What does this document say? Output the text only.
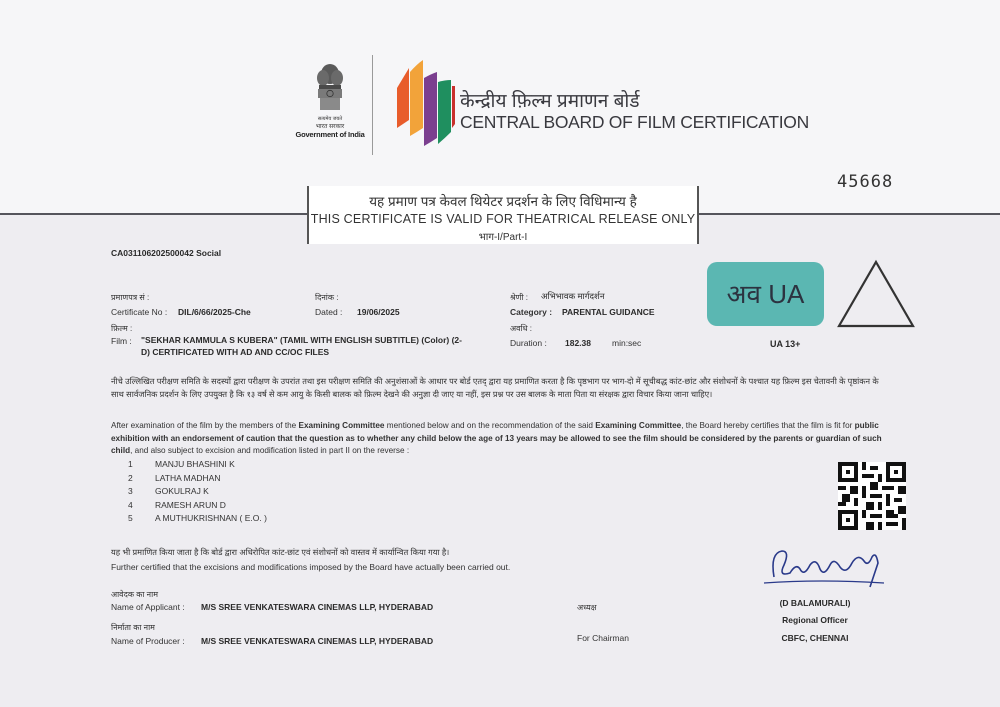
सत्यमेव जयते
भारत सरकार
Government of India
केन्द्रीय फ़िल्म प्रमाणन बोर्ड
CENTRAL BOARD OF FILM CERTIFICATION
45668
यह प्रमाण पत्र केवल थियेटर प्रदर्शन के लिए विधिमान्य है
THIS CERTIFICATE IS VALID FOR THEATRICAL RELEASE ONLY
भाग-I/Part-I
CA031106202500042 Social
प्रमाणपत्र सं :
Certificate No : DIL/6/66/2025-Che
दिनांक :
Dated : 19/06/2025
श्रेणी : अभिभावक मार्गदर्शन
Category : PARENTAL GUIDANCE
फ़िल्म :
Film : "SEKHAR KAMMULA S KUBERA" (TAMIL WITH ENGLISH SUBTITLE) (Color) (2-
D) CERTIFICATED WITH AD AND CC/OC FILES
अवधि :
Duration : 182.38 min:sec
अव UA
UA 13+
नीचे उल्लिखित परीक्षण समिति के सदस्यों द्वारा परीक्षण के उपरांत तथा इस परीक्षण समिति की अनुशंसाओं के आधार पर बोर्ड एतद् द्वारा यह प्रमाणित करता है कि पृष्ठभाग पर भाग-दो में सूचीबद्ध कांट-छांट और संशोधनों के पश्चात यह फ़िल्म इस चेतावनी के पृष्ठांकन के साथ सार्वजनिक प्रदर्शन के लिए उपयुक्त है कि १३ वर्ष से कम आयु के किसी बालक को फ़िल्म देखने की अनुज्ञा दी जाए या नहीं, इस प्रश्न पर उस बालक के माता पिता या संरक्षक द्वारा विचार किया जाना चाहिए।
After examination of the film by the members of the Examining Committee mentioned below and on the recommendation of the said Examining Committee, the Board hereby certifies that the film is fit for public exhibition with an endorsement of caution that the question as to whether any child below the age of 13 years may be allowed to see the film should be considered by the parents or guardian of such child, and also subject to excision and modification listed in part II on the reverse :
1	MANJU BHASHINI K
2	LATHA MADHAN
3	GOKULRAJ K
4	RAMESH ARUN D
5	A MUTHUKRISHNAN ( E.O. )
यह भी प्रमाणित किया जाता है कि बोर्ड द्वारा अधिरोपित कांट-छांट एवं संशोधनों को वास्तव में कार्यान्वित किया गया है।
Further certified that the excisions and modifications imposed by the Board have actually been carried out.
आवेदक का नाम
Name of Applicant : M/S SREE VENKATESWARA CINEMAS LLP, HYDERABAD
निर्माता का नाम
Name of Producer : M/S SREE VENKATESWARA CINEMAS LLP, HYDERABAD
अध्यक्ष
For Chairman
(D BALAMURALI)
Regional Officer
CBFC, CHENNAI
